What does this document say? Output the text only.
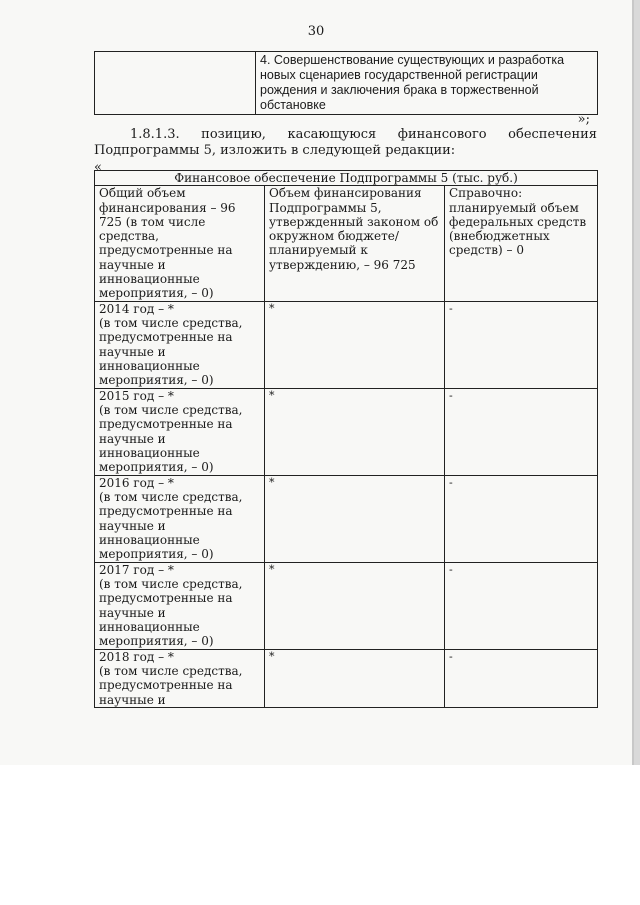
30
	4. Совершенствование существующих и разработка новых сценариев государственной регистрации рождения и заключения брака в торжественной обстановке
»;
1.8.1.3. позицию, касающуюся финансового обеспечения
Подпрограммы 5, изложить в следующей редакции:
«
Финансовое обеспечение Подпрограммы 5 (тыс. руб.)		
Общий объем финансирования – 96 725 (в том числе средства, предусмотренные на научные и инновационные мероприятия, – 0)	Объем финансирования Подпрограммы 5, утвержденный законом об окружном бюджете/ планируемый к утверждению, – 96 725	Справочно: планируемый объем федеральных средств (внебюджетных средств) – 0

2014 год – *
(в том числе средства, предусмотренные на научные и инновационные мероприятия, – 0)	*	-

2015 год – *
(в том числе средства, предусмотренные на научные и инновационные мероприятия, – 0)	*	-

2016 год – *
(в том числе средства, предусмотренные на научные и инновационные мероприятия, – 0)	*	-

2017 год – *
(в том числе средства, предусмотренные на научные и инновационные мероприятия, – 0)	*	-

2018 год – *
(в том числе средства, предусмотренные на научные и	*	-
